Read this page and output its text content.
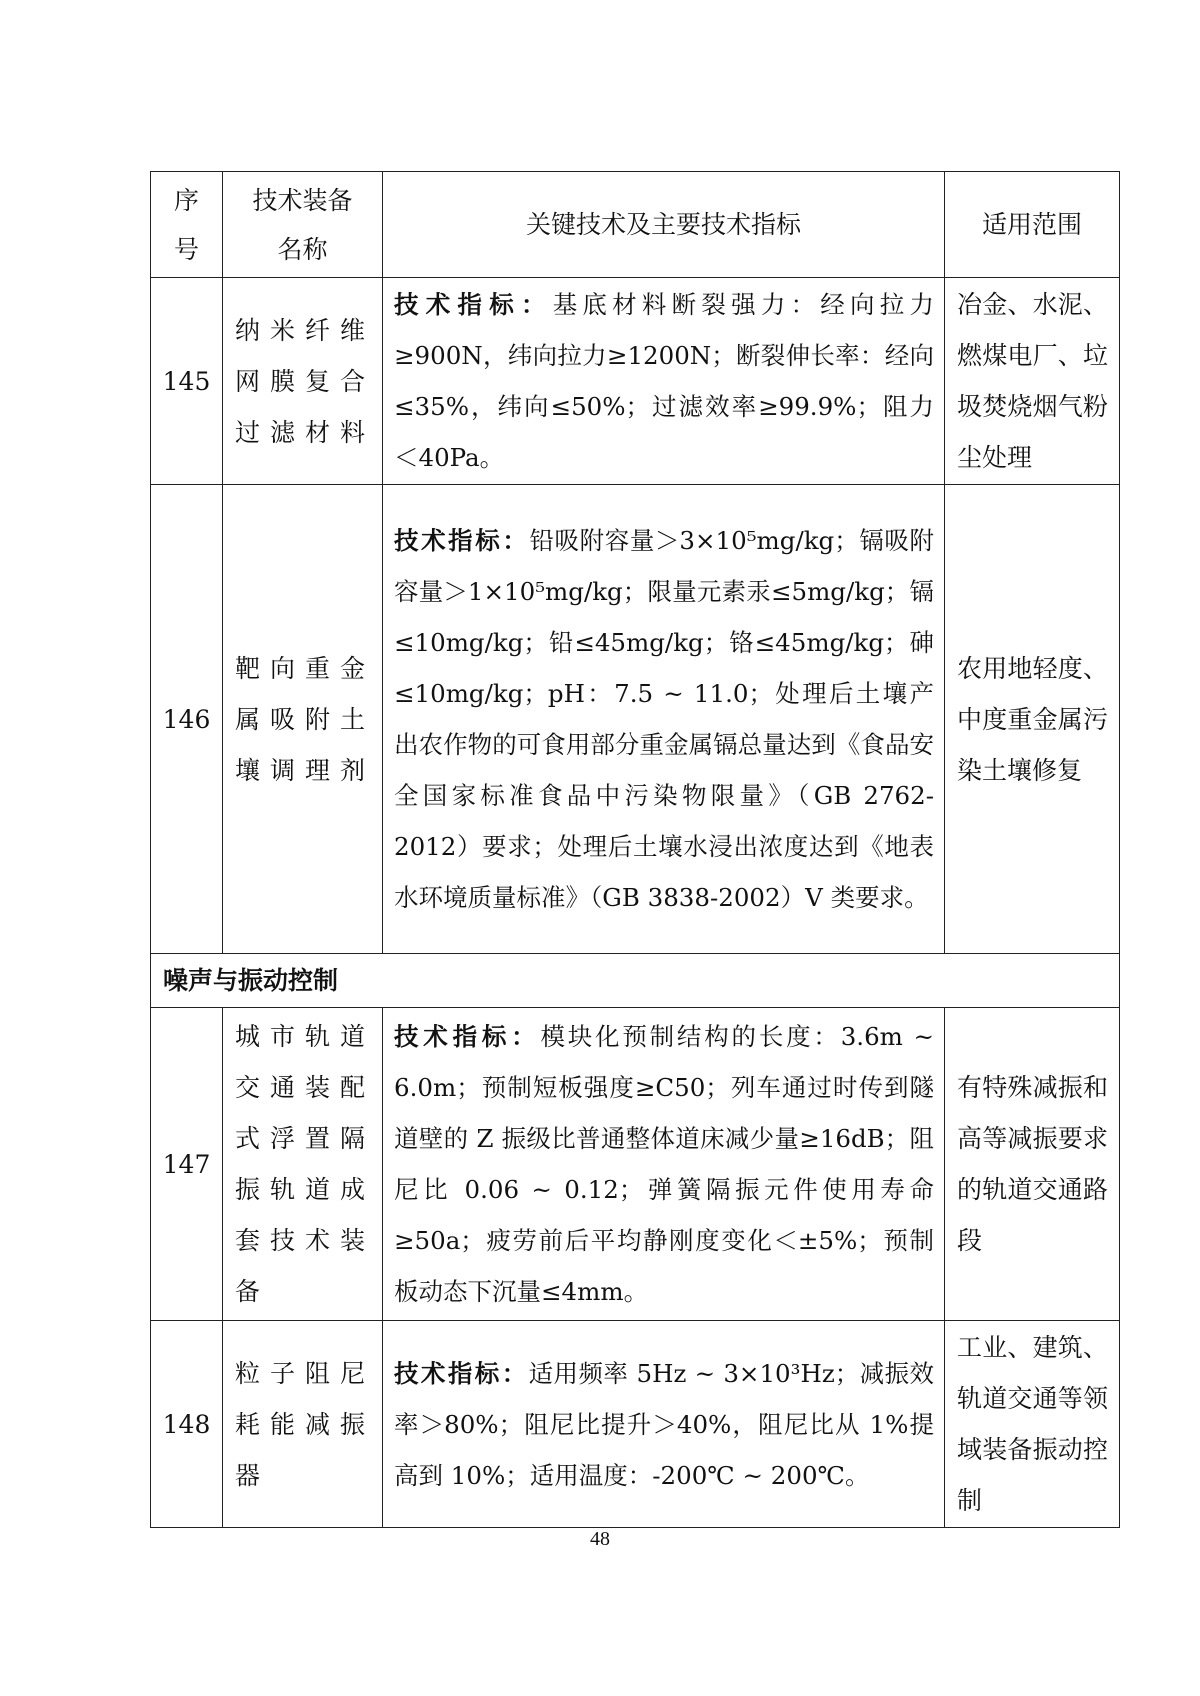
序号	技术装备名称	关键技术及主要技术指标	适用范围
145	纳米纤维网膜复合过滤材料	技术指标：基底材料断裂强力：经向拉力≥900N，纬向拉力≥1200N；断裂伸长率：经向≤35%，纬向≤50%；过滤效率≥99.9%；阻力＜40Pa。	冶金、水泥、燃煤电厂、垃圾焚烧烟气粉尘处理
146	靶向重金属吸附土壤调理剂	技术指标：铅吸附容量＞3×10⁵mg/kg；镉吸附容量＞1×10⁵mg/kg；限量元素汞≤5mg/kg；镉≤10mg/kg；铅≤45mg/kg；铬≤45mg/kg；砷≤10mg/kg；pH：7.5 ~ 11.0；处理后土壤产出农作物的可食用部分重金属镉总量达到《食品安全国家标准食品中污染物限量》（GB 2762-2012）要求；处理后土壤水浸出浓度达到《地表水环境质量标准》（GB 3838-2002）V 类要求。	农用地轻度、中度重金属污染土壤修复
噪声与振动控制			
147	城市轨道交通装配式浮置隔振轨道成套技术装备	技术指标：模块化预制结构的长度：3.6m ~ 6.0m；预制短板强度≥C50；列车通过时传到隧道壁的 Z 振级比普通整体道床减少量≥16dB；阻尼比 0.06 ~ 0.12；弹簧隔振元件使用寿命≥50a；疲劳前后平均静刚度变化＜±5%；预制板动态下沉量≤4mm。	有特殊减振和高等减振要求的轨道交通路段
148	粒子阻尼耗能减振器	技术指标：适用频率 5Hz ~ 3×10³Hz；减振效率＞80%；阻尼比提升＞40%，阻尼比从 1%提高到 10%；适用温度：-200℃ ~ 200℃。	工业、建筑、轨道交通等领域装备振动控制
48
